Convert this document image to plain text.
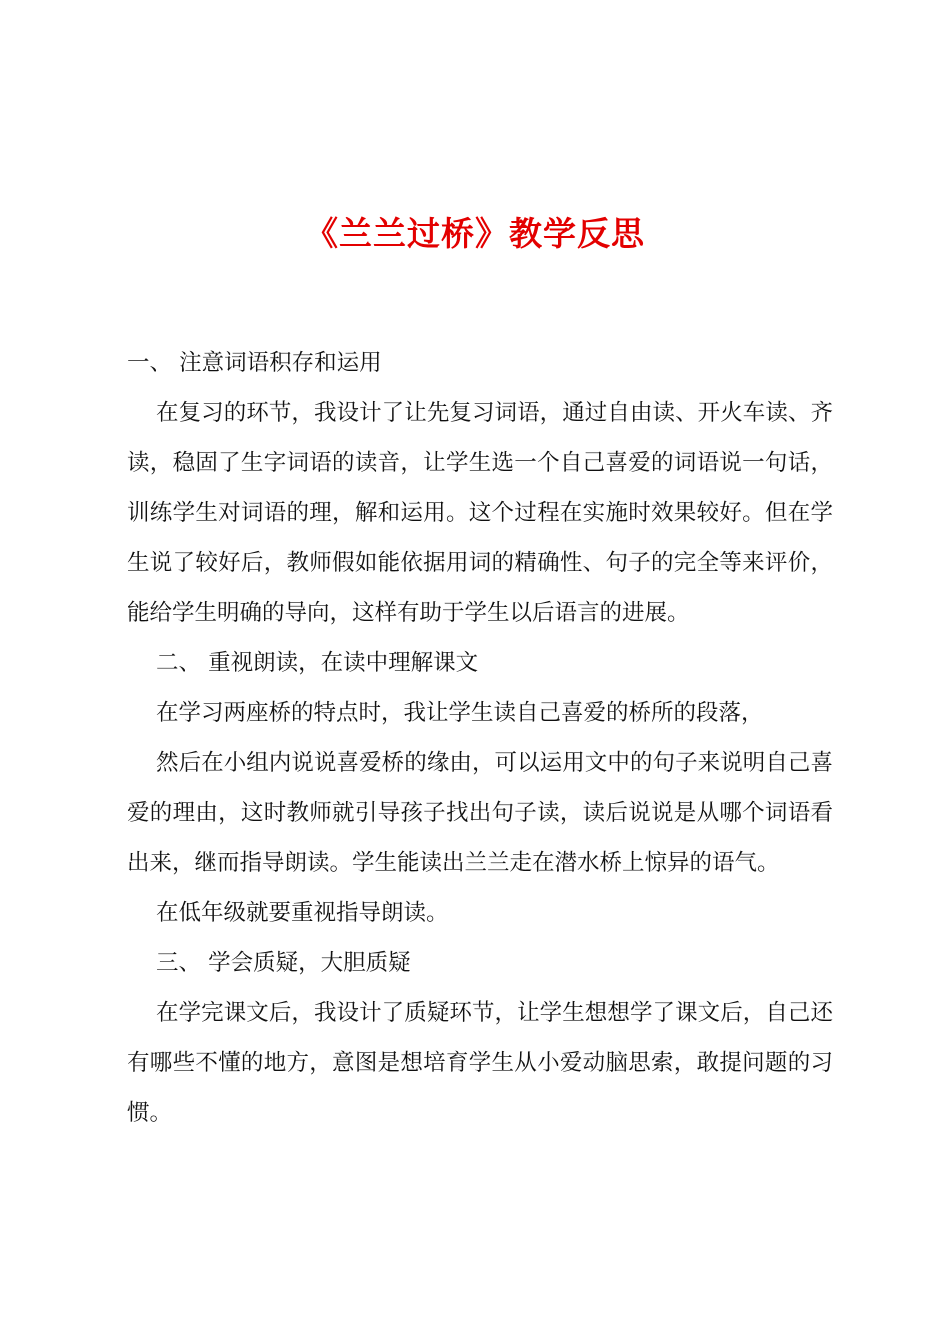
《兰兰过桥》教学反思

一、 注意词语积存和运用

在复习的环节，我设计了让先复习词语，通过自由读、开火车读、齐读，稳固了生字词语的读音，让学生选一个自己喜爱的词语说一句话，训练学生对词语的理，解和运用。这个过程在实施时效果较好。但在学生说了较好后，教师假如能依据用词的精确性、句子的完全等来评价，能给学生明确的导向，这样有助于学生以后语言的进展。

二、 重视朗读，在读中理解课文

在学习两座桥的特点时，我让学生读自己喜爱的桥所的段落，

然后在小组内说说喜爱桥的缘由，可以运用文中的句子来说明自己喜爱的理由，这时教师就引导孩子找出句子读，读后说说是从哪个词语看出来，继而指导朗读。学生能读出兰兰走在潜水桥上惊异的语气。

在低年级就要重视指导朗读。

三、 学会质疑，大胆质疑

在学完课文后，我设计了质疑环节，让学生想想学了课文后，自己还有哪些不懂的地方，意图是想培育学生从小爱动脑思索，敢提问题的习惯。
